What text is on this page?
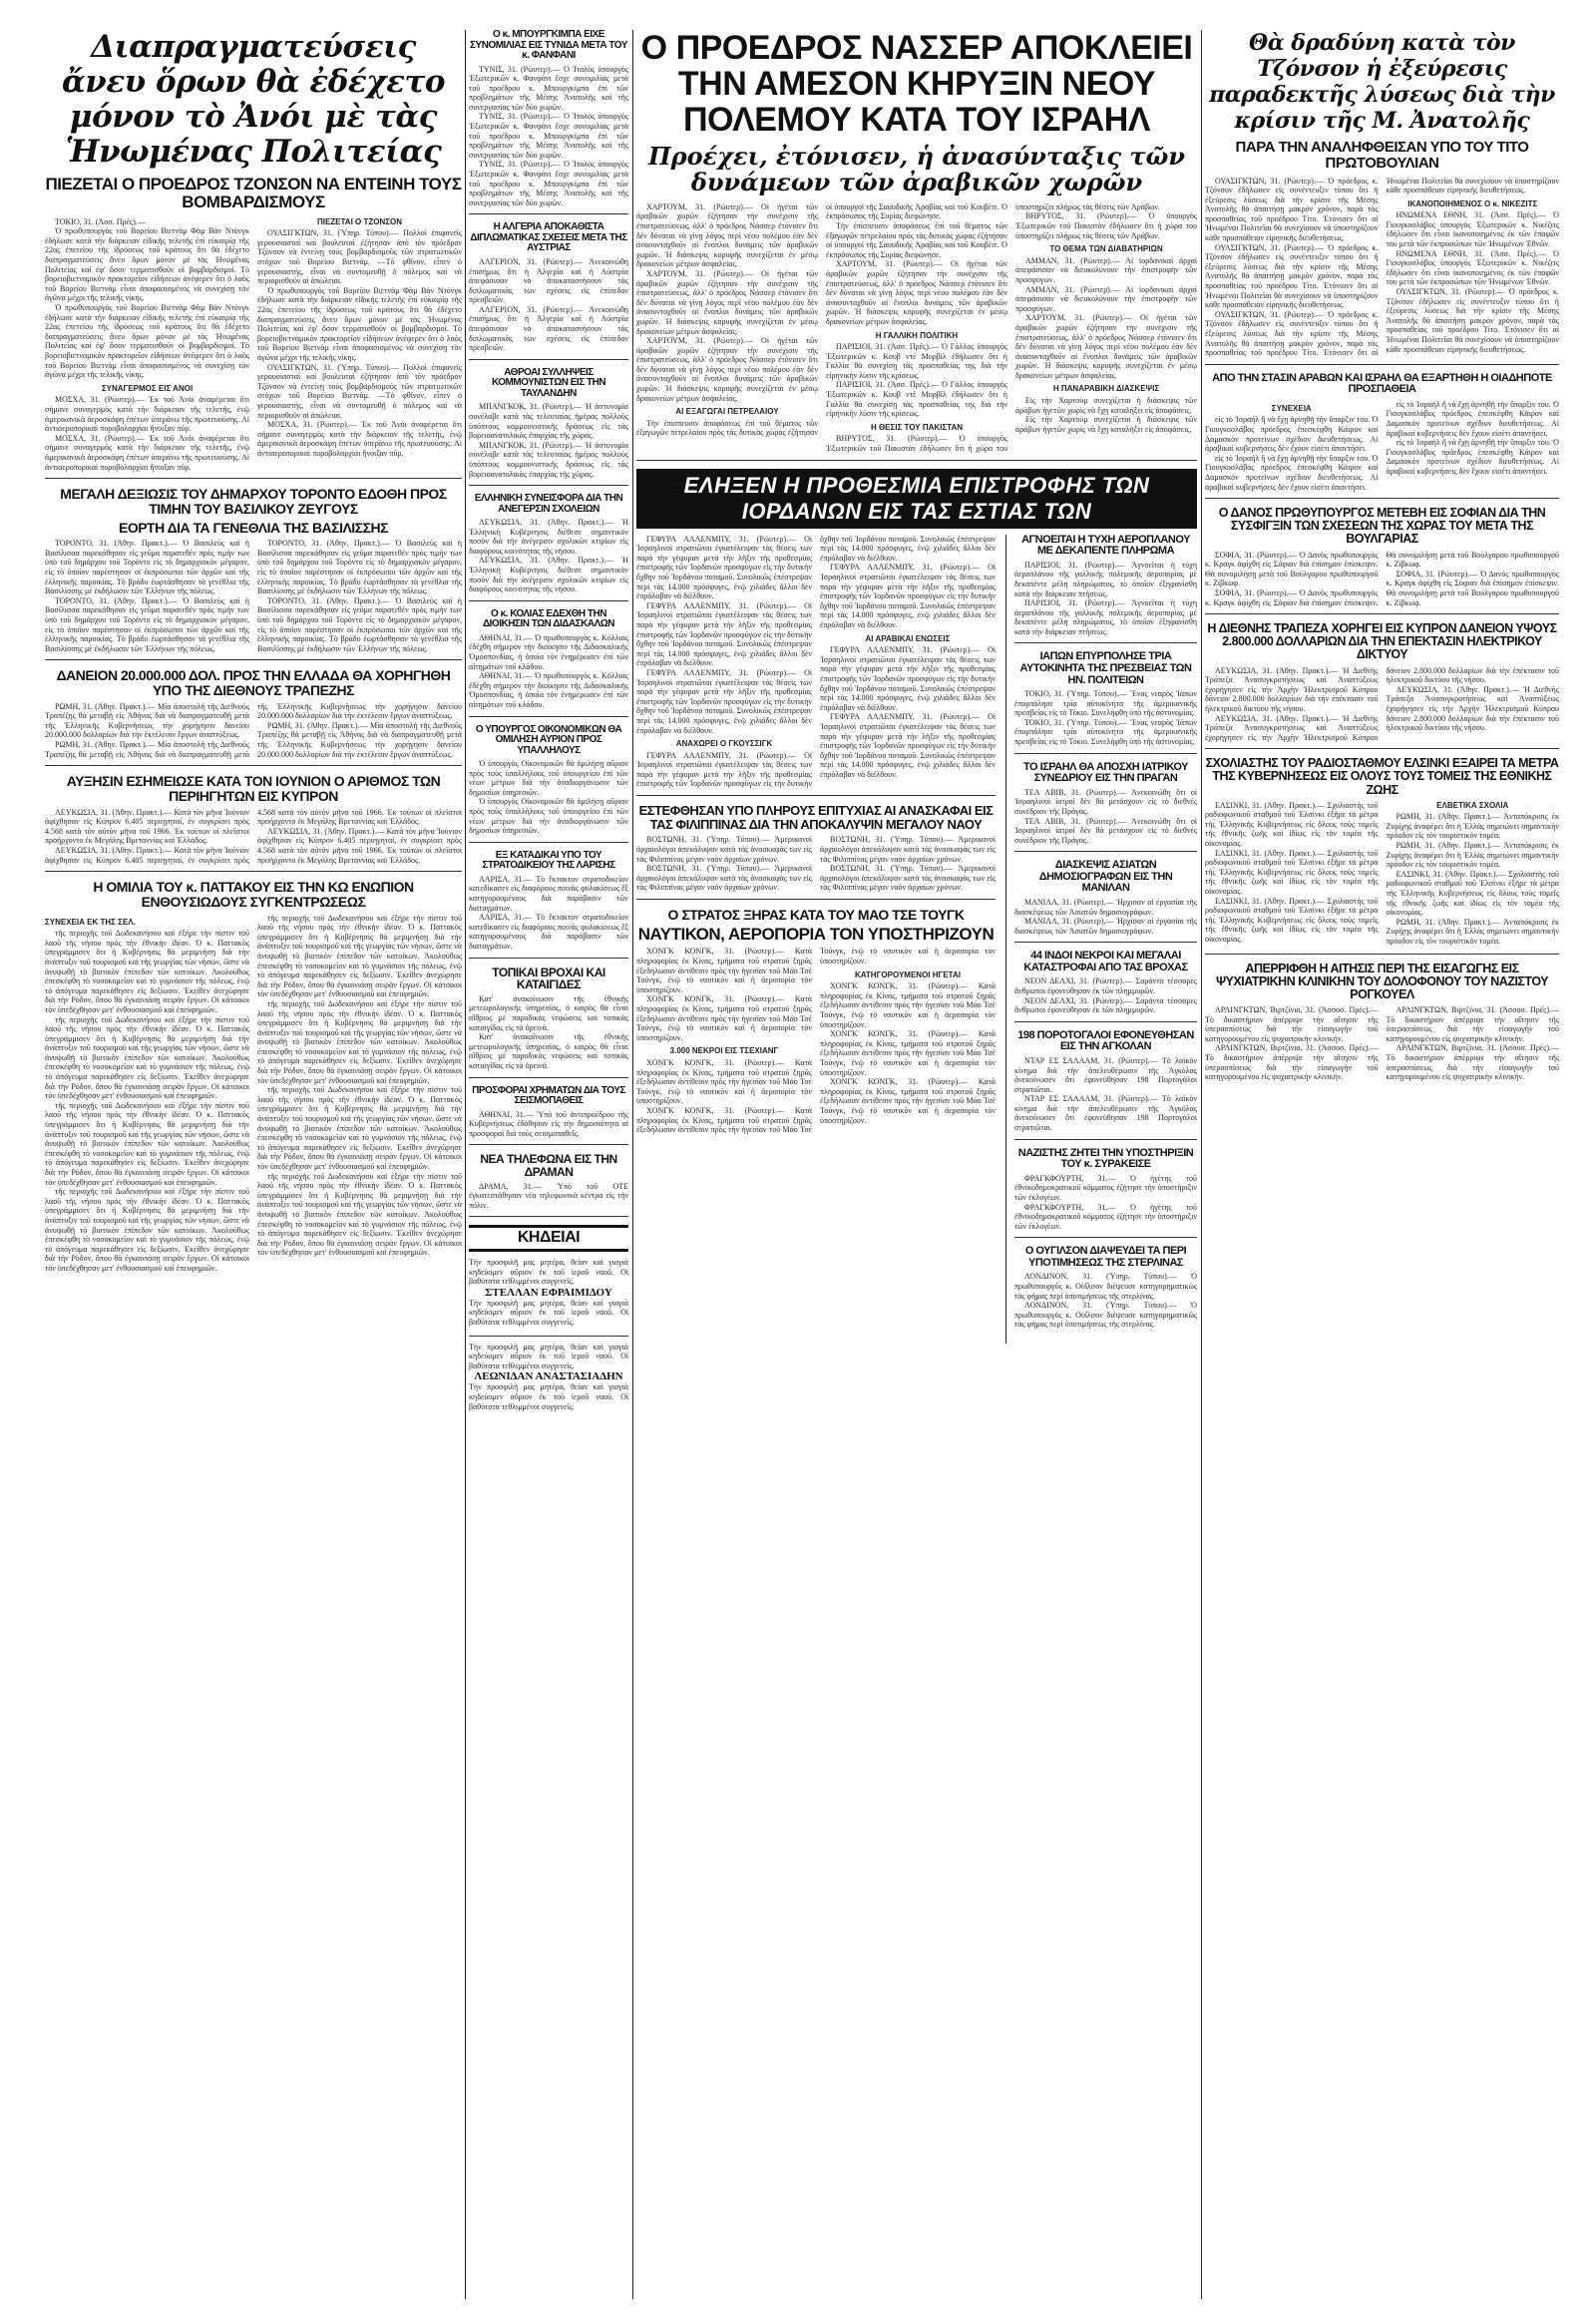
Διαπραγματεύσεις ἄνευ ὅρων θὰ ἐδέχετο μόνον τὸ Ἀνόι μὲ τὰς Ἡνωμένας Πολιτείας
ΠΙΕΖΕΤΑΙ Ο ΠΡΟΕΔΡΟΣ ΤΖΟΝΣΟΝ ΝΑ ΕΝΤΕΙΝΗ ΤΟΥΣ ΒΟΜΒΑΡΔΙΣΜΟΥΣ

ΤΟΚΙΟ, 31. (Ἀσσ. Πρές).—

Ὁ πρωθυπουργὸς τοῦ Βορείου Βιετνὰμ Φὰμ Βὰν Ντόνγκ ἐδήλωσε κατὰ τὴν διάρκειαν εἰδικῆς τελετῆς ἐπὶ εὐκαιρίᾳ τῆς 22ας ἐπετείου τῆς ἱδρύσεως τοῦ κράτους ὅτι θὰ ἐδέχετο διαπραγματεύσεις ἄνευ ὅρων μόνον μὲ τὰς Ἡνωμένας Πολιτείας καὶ ἐφ' ὅσον τερματισθοῦν οἱ βομβαρδισμοί. Τὸ βορειοβιετναμικὸν πρακτορεῖον εἰδήσεων ἀνέφερεν ὅτι ὁ λαὸς τοῦ Βορείου Βιετνὰμ εἶναι ἀποφασισμένος νὰ συνεχίσῃ τὸν ἀγῶνα μέχρι τῆς τελικῆς νίκης.

Ὁ πρωθυπουργὸς τοῦ Βορείου Βιετνὰμ Φὰμ Βὰν Ντόνγκ ἐδήλωσε κατὰ τὴν διάρκειαν εἰδικῆς τελετῆς ἐπὶ εὐκαιρίᾳ τῆς 22ας ἐπετείου τῆς ἱδρύσεως τοῦ κράτους ὅτι θὰ ἐδέχετο διαπραγματεύσεις ἄνευ ὅρων μόνον μὲ τὰς Ἡνωμένας Πολιτείας καὶ ἐφ' ὅσον τερματισθοῦν οἱ βομβαρδισμοί. Τὸ βορειοβιετναμικὸν πρακτορεῖον εἰδήσεων ἀνέφερεν ὅτι ὁ λαὸς τοῦ Βορείου Βιετνὰμ εἶναι ἀποφασισμένος νὰ συνεχίσῃ τὸν ἀγῶνα μέχρι τῆς τελικῆς νίκης.

ΣΥΝΑΓΕΡΜΟΣ ΕΙΣ ΑΝΟΙ

ΜΟΣΧΑ, 31. (Ρώυτερ).— Ἐκ τοῦ Ἀνόι ἀναφέρεται ὅτι σήμανε συναγερμὸς κατὰ τὴν διάρκειαν τῆς τελετῆς, ἐνῷ ἀμερικανικὰ ἀεροσκάφη ἐπέτων ὑπεράνω τῆς πρωτευούσης. Αἱ ἀντιαεροπορικαὶ πυροβολαρχίαι ἤνοιξαν πῦρ.

ΜΟΣΧΑ, 31. (Ρώυτερ).— Ἐκ τοῦ Ἀνόι ἀναφέρεται ὅτι σήμανε συναγερμὸς κατὰ τὴν διάρκειαν τῆς τελετῆς, ἐνῷ ἀμερικανικὰ ἀεροσκάφη ἐπέτων ὑπεράνω τῆς πρωτευούσης. Αἱ ἀντιαεροπορικαὶ πυροβολαρχίαι ἤνοιξαν πῦρ.

ΠΙΕΖΕΤΑΙ Ο ΤΖΟΝΣΟΝ

ΟΥΑΣΙΓΚΤΩΝ, 31. (Ὑπηρ. Τύπου).— Πολλοὶ ἐπιφανεῖς γερουσιασταὶ καὶ βουλευταὶ ἐζήτησαν ἀπὸ τὸν πρόεδρον Τζόνσον νὰ ἐντείνῃ τοὺς βομβαρδισμοὺς τῶν στρατιωτικῶν στόχων τοῦ Βορείου Βιετνάμ. —Τὸ φθῖνον, εἶπεν ὁ γερουσιαστής, εἶναι νὰ συντομευθῇ ὁ πόλεμος καὶ νὰ περιορισθοῦν αἱ ἀπώλειαι.

Ὁ πρωθυπουργὸς τοῦ Βορείου Βιετνὰμ Φὰμ Βὰν Ντόνγκ ἐδήλωσε κατὰ τὴν διάρκειαν εἰδικῆς τελετῆς ἐπὶ εὐκαιρίᾳ τῆς 22ας ἐπετείου τῆς ἱδρύσεως τοῦ κράτους ὅτι θὰ ἐδέχετο διαπραγματεύσεις ἄνευ ὅρων μόνον μὲ τὰς Ἡνωμένας Πολιτείας καὶ ἐφ' ὅσον τερματισθοῦν οἱ βομβαρδισμοί. Τὸ βορειοβιετναμικὸν πρακτορεῖον εἰδήσεων ἀνέφερεν ὅτι ὁ λαὸς τοῦ Βορείου Βιετνὰμ εἶναι ἀποφασισμένος νὰ συνεχίσῃ τὸν ἀγῶνα μέχρι τῆς τελικῆς νίκης.

ΟΥΑΣΙΓΚΤΩΝ, 31. (Ὑπηρ. Τύπου).— Πολλοὶ ἐπιφανεῖς γερουσιασταὶ καὶ βουλευταὶ ἐζήτησαν ἀπὸ τὸν πρόεδρον Τζόνσον νὰ ἐντείνῃ τοὺς βομβαρδισμοὺς τῶν στρατιωτικῶν στόχων τοῦ Βορείου Βιετνάμ. —Τὸ φθῖνον, εἶπεν ὁ γερουσιαστής, εἶναι νὰ συντομευθῇ ὁ πόλεμος καὶ νὰ περιορισθοῦν αἱ ἀπώλειαι.

ΜΟΣΧΑ, 31. (Ρώυτερ).— Ἐκ τοῦ Ἀνόι ἀναφέρεται ὅτι σήμανε συναγερμὸς κατὰ τὴν διάρκειαν τῆς τελετῆς, ἐνῷ ἀμερικανικὰ ἀεροσκάφη ἐπέτων ὑπεράνω τῆς πρωτευούσης. Αἱ ἀντιαεροπορικαὶ πυροβολαρχίαι ἤνοιξαν πῦρ.

ΜΕΓΑΛΗ ΔΕΞΙΩΣΙΣ ΤΟΥ ΔΗΜΑΡΧΟΥ ΤΟΡΟΝΤΟ ΕΔΟΘΗ ΠΡΟΣ ΤΙΜΗΝ ΤΟΥ ΒΑΣΙΛΙΚΟΥ ΖΕΥΓΟΥΣ
ΕΟΡΤΗ ΔΙΑ ΤΑ ΓΕΝΕΘΛΙΑ ΤΗΣ ΒΑΣΙΛΙΣΣΗΣ

ΤΟΡΟΝΤΟ, 31. (Ἀθην. Πρακτ.).— Ὁ Βασιλεὺς καὶ ἡ Βασίλισσα παρεκάθησαν εἰς γεῦμα παρατεθὲν πρὸς τιμήν των ὑπὸ τοῦ δημάρχου τοῦ Τορόντο εἰς τὸ δημαρχιακὸν μέγαρον, εἰς τὸ ὁποῖον παρέστησαν οἱ ἐκπρόσωποι τῶν ἀρχῶν καὶ τῆς ἑλληνικῆς παροικίας. Τὸ βράδυ ἐωρτάσθησαν τὰ γενέθλια τῆς Βασιλίσσης μὲ ἐκδήλωσιν τῶν Ἑλλήνων τῆς πόλεως.

ΤΟΡΟΝΤΟ, 31. (Ἀθην. Πρακτ.).— Ὁ Βασιλεὺς καὶ ἡ Βασίλισσα παρεκάθησαν εἰς γεῦμα παρατεθὲν πρὸς τιμήν των ὑπὸ τοῦ δημάρχου τοῦ Τορόντο εἰς τὸ δημαρχιακὸν μέγαρον, εἰς τὸ ὁποῖον παρέστησαν οἱ ἐκπρόσωποι τῶν ἀρχῶν καὶ τῆς ἑλληνικῆς παροικίας. Τὸ βράδυ ἐωρτάσθησαν τὰ γενέθλια τῆς Βασιλίσσης μὲ ἐκδήλωσιν τῶν Ἑλλήνων τῆς πόλεως.

ΤΟΡΟΝΤΟ, 31. (Ἀθην. Πρακτ.).— Ὁ Βασιλεὺς καὶ ἡ Βασίλισσα παρεκάθησαν εἰς γεῦμα παρατεθὲν πρὸς τιμήν των ὑπὸ τοῦ δημάρχου τοῦ Τορόντο εἰς τὸ δημαρχιακὸν μέγαρον, εἰς τὸ ὁποῖον παρέστησαν οἱ ἐκπρόσωποι τῶν ἀρχῶν καὶ τῆς ἑλληνικῆς παροικίας. Τὸ βράδυ ἐωρτάσθησαν τὰ γενέθλια τῆς Βασιλίσσης μὲ ἐκδήλωσιν τῶν Ἑλλήνων τῆς πόλεως.

ΤΟΡΟΝΤΟ, 31. (Ἀθην. Πρακτ.).— Ὁ Βασιλεὺς καὶ ἡ Βασίλισσα παρεκάθησαν εἰς γεῦμα παρατεθὲν πρὸς τιμήν των ὑπὸ τοῦ δημάρχου τοῦ Τορόντο εἰς τὸ δημαρχιακὸν μέγαρον, εἰς τὸ ὁποῖον παρέστησαν οἱ ἐκπρόσωποι τῶν ἀρχῶν καὶ τῆς ἑλληνικῆς παροικίας. Τὸ βράδυ ἐωρτάσθησαν τὰ γενέθλια τῆς Βασιλίσσης μὲ ἐκδήλωσιν τῶν Ἑλλήνων τῆς πόλεως.

ΔΑΝΕΙΟΝ 20.000.000 ΔΟΛ. ΠΡΟΣ ΤΗΝ ΕΛΛΑΔΑ ΘΑ ΧΟΡΗΓΗΘΗ ΥΠΟ ΤΗΣ ΔΙΕΘΝΟΥΣ ΤΡΑΠΕΖΗΣ

ΡΩΜΗ, 31. (Ἀθην. Πρακτ.).— Μία ἀποστολὴ τῆς Διεθνοῦς Τραπέζης θὰ μεταβῇ εἰς Ἀθήνας διὰ νὰ διαπραγματευθῇ μετὰ τῆς Ἑλληνικῆς Κυβερνήσεως τὴν χορήγησιν δανείου 20.000.000 δολλαρίων διὰ τὴν ἐκτέλεσιν ἔργων ἀναπτύξεως.

ΡΩΜΗ, 31. (Ἀθην. Πρακτ.).— Μία ἀποστολὴ τῆς Διεθνοῦς Τραπέζης θὰ μεταβῇ εἰς Ἀθήνας διὰ νὰ διαπραγματευθῇ μετὰ τῆς Ἑλληνικῆς Κυβερνήσεως τὴν χορήγησιν δανείου 20.000.000 δολλαρίων διὰ τὴν ἐκτέλεσιν ἔργων ἀναπτύξεως.

ΡΩΜΗ, 31. (Ἀθην. Πρακτ.).— Μία ἀποστολὴ τῆς Διεθνοῦς Τραπέζης θὰ μεταβῇ εἰς Ἀθήνας διὰ νὰ διαπραγματευθῇ μετὰ τῆς Ἑλληνικῆς Κυβερνήσεως τὴν χορήγησιν δανείου 20.000.000 δολλαρίων διὰ τὴν ἐκτέλεσιν ἔργων ἀναπτύξεως.

ΑΥΞΗΣΙΝ ΕΣΗΜΕΙΩΣΕ ΚΑΤΑ ΤΟΝ ΙΟΥΝΙΟΝ Ο ΑΡΙΘΜΟΣ ΤΩΝ ΠΕΡΙΗΓΗΤΩΝ ΕΙΣ ΚΥΠΡΟΝ

ΛΕΥΚΩΣΙΑ, 31. (Ἀθην. Πρακτ.).— Κατὰ τὸν μῆνα Ἰούνιον ἀφίχθησαν εἰς Κύπρον 6.405 περιηγηταί, ἐν συγκρίσει πρὸς 4.568 κατὰ τὸν αὐτὸν μῆνα τοῦ 1966. Ἐκ τούτων οἱ πλεῖστοι προήρχοντο ἐκ Μεγάλης Βρεταννίας καὶ Ἑλλάδος.

ΛΕΥΚΩΣΙΑ, 31. (Ἀθην. Πρακτ.).— Κατὰ τὸν μῆνα Ἰούνιον ἀφίχθησαν εἰς Κύπρον 6.405 περιηγηταί, ἐν συγκρίσει πρὸς 4.568 κατὰ τὸν αὐτὸν μῆνα τοῦ 1966. Ἐκ τούτων οἱ πλεῖστοι προήρχοντο ἐκ Μεγάλης Βρεταννίας καὶ Ἑλλάδος.

ΛΕΥΚΩΣΙΑ, 31. (Ἀθην. Πρακτ.).— Κατὰ τὸν μῆνα Ἰούνιον ἀφίχθησαν εἰς Κύπρον 6.405 περιηγηταί, ἐν συγκρίσει πρὸς 4.568 κατὰ τὸν αὐτὸν μῆνα τοῦ 1966. Ἐκ τούτων οἱ πλεῖστοι προήρχοντο ἐκ Μεγάλης Βρεταννίας καὶ Ἑλλάδος.

Η ΟΜΙΛΙΑ ΤΟΥ κ. ΠΑΤΤΑΚΟΥ ΕΙΣ ΤΗΝ ΚΩ ΕΝΩΠΙΟΝ ΕΝΘΟΥΣΙΩΔΟΥΣ ΣΥΓΚΕΝΤΡΩΣΕΩΣ
ΣΥΝΕΧΕΙΑ ΕΚ ΤΗΣ ΣΕΛ.

τῆς περιοχῆς τοῦ Δωδεκανήσου καὶ ἐξήρε τὴν πίστιν τοῦ λαοῦ τῆς νήσου πρὸς τὴν ἐθνικὴν ἰδέαν. Ὁ κ. Παττακὸς ὑπεγράμμισεν ὅτι ἡ Κυβέρνησις θὰ μεριμνήσῃ διὰ τὴν ἀνάπτυξιν τοῦ τουρισμοῦ καὶ τῆς γεωργίας τῶν νήσων, ὥστε νὰ ἀνυψωθῇ τὸ βιοτικὸν ἐπίπεδον τῶν κατοίκων. Ἀκολούθως ἐπεσκέφθη τὸ νοσοκομεῖον καὶ τὸ γυμνάσιον τῆς πόλεως, ἐνῷ τὸ ἀπόγευμα παρεκάθησεν εἰς δεξίωσιν. Ἐκεῖθεν ἀνεχώρησε διὰ τὴν Ρόδον, ὅπου θὰ ἐγκαινιάσῃ σειρὰν ἔργων. Οἱ κάτοικοι τὸν ὑπεδέχθησαν μετ' ἐνθουσιασμοῦ καὶ ἐπευφημιῶν.

τῆς περιοχῆς τοῦ Δωδεκανήσου καὶ ἐξήρε τὴν πίστιν τοῦ λαοῦ τῆς νήσου πρὸς τὴν ἐθνικὴν ἰδέαν. Ὁ κ. Παττακὸς ὑπεγράμμισεν ὅτι ἡ Κυβέρνησις θὰ μεριμνήσῃ διὰ τὴν ἀνάπτυξιν τοῦ τουρισμοῦ καὶ τῆς γεωργίας τῶν νήσων, ὥστε νὰ ἀνυψωθῇ τὸ βιοτικὸν ἐπίπεδον τῶν κατοίκων. Ἀκολούθως ἐπεσκέφθη τὸ νοσοκομεῖον καὶ τὸ γυμνάσιον τῆς πόλεως, ἐνῷ τὸ ἀπόγευμα παρεκάθησεν εἰς δεξίωσιν. Ἐκεῖθεν ἀνεχώρησε διὰ τὴν Ρόδον, ὅπου θὰ ἐγκαινιάσῃ σειρὰν ἔργων. Οἱ κάτοικοι τὸν ὑπεδέχθησαν μετ' ἐνθουσιασμοῦ καὶ ἐπευφημιῶν.

τῆς περιοχῆς τοῦ Δωδεκανήσου καὶ ἐξήρε τὴν πίστιν τοῦ λαοῦ τῆς νήσου πρὸς τὴν ἐθνικὴν ἰδέαν. Ὁ κ. Παττακὸς ὑπεγράμμισεν ὅτι ἡ Κυβέρνησις θὰ μεριμνήσῃ διὰ τὴν ἀνάπτυξιν τοῦ τουρισμοῦ καὶ τῆς γεωργίας τῶν νήσων, ὥστε νὰ ἀνυψωθῇ τὸ βιοτικὸν ἐπίπεδον τῶν κατοίκων. Ἀκολούθως ἐπεσκέφθη τὸ νοσοκομεῖον καὶ τὸ γυμνάσιον τῆς πόλεως, ἐνῷ τὸ ἀπόγευμα παρεκάθησεν εἰς δεξίωσιν. Ἐκεῖθεν ἀνεχώρησε διὰ τὴν Ρόδον, ὅπου θὰ ἐγκαινιάσῃ σειρὰν ἔργων. Οἱ κάτοικοι τὸν ὑπεδέχθησαν μετ' ἐνθουσιασμοῦ καὶ ἐπευφημιῶν.

τῆς περιοχῆς τοῦ Δωδεκανήσου καὶ ἐξήρε τὴν πίστιν τοῦ λαοῦ τῆς νήσου πρὸς τὴν ἐθνικὴν ἰδέαν. Ὁ κ. Παττακὸς ὑπεγράμμισεν ὅτι ἡ Κυβέρνησις θὰ μεριμνήσῃ διὰ τὴν ἀνάπτυξιν τοῦ τουρισμοῦ καὶ τῆς γεωργίας τῶν νήσων, ὥστε νὰ ἀνυψωθῇ τὸ βιοτικὸν ἐπίπεδον τῶν κατοίκων. Ἀκολούθως ἐπεσκέφθη τὸ νοσοκομεῖον καὶ τὸ γυμνάσιον τῆς πόλεως, ἐνῷ τὸ ἀπόγευμα παρεκάθησεν εἰς δεξίωσιν. Ἐκεῖθεν ἀνεχώρησε διὰ τὴν Ρόδον, ὅπου θὰ ἐγκαινιάσῃ σειρὰν ἔργων. Οἱ κάτοικοι τὸν ὑπεδέχθησαν μετ' ἐνθουσιασμοῦ καὶ ἐπευφημιῶν.

τῆς περιοχῆς τοῦ Δωδεκανήσου καὶ ἐξήρε τὴν πίστιν τοῦ λαοῦ τῆς νήσου πρὸς τὴν ἐθνικὴν ἰδέαν. Ὁ κ. Παττακὸς ὑπεγράμμισεν ὅτι ἡ Κυβέρνησις θὰ μεριμνήσῃ διὰ τὴν ἀνάπτυξιν τοῦ τουρισμοῦ καὶ τῆς γεωργίας τῶν νήσων, ὥστε νὰ ἀνυψωθῇ τὸ βιοτικὸν ἐπίπεδον τῶν κατοίκων. Ἀκολούθως ἐπεσκέφθη τὸ νοσοκομεῖον καὶ τὸ γυμνάσιον τῆς πόλεως, ἐνῷ τὸ ἀπόγευμα παρεκάθησεν εἰς δεξίωσιν. Ἐκεῖθεν ἀνεχώρησε διὰ τὴν Ρόδον, ὅπου θὰ ἐγκαινιάσῃ σειρὰν ἔργων. Οἱ κάτοικοι τὸν ὑπεδέχθησαν μετ' ἐνθουσιασμοῦ καὶ ἐπευφημιῶν.

τῆς περιοχῆς τοῦ Δωδεκανήσου καὶ ἐξήρε τὴν πίστιν τοῦ λαοῦ τῆς νήσου πρὸς τὴν ἐθνικὴν ἰδέαν. Ὁ κ. Παττακὸς ὑπεγράμμισεν ὅτι ἡ Κυβέρνησις θὰ μεριμνήσῃ διὰ τὴν ἀνάπτυξιν τοῦ τουρισμοῦ καὶ τῆς γεωργίας τῶν νήσων, ὥστε νὰ ἀνυψωθῇ τὸ βιοτικὸν ἐπίπεδον τῶν κατοίκων. Ἀκολούθως ἐπεσκέφθη τὸ νοσοκομεῖον καὶ τὸ γυμνάσιον τῆς πόλεως, ἐνῷ τὸ ἀπόγευμα παρεκάθησεν εἰς δεξίωσιν. Ἐκεῖθεν ἀνεχώρησε διὰ τὴν Ρόδον, ὅπου θὰ ἐγκαινιάσῃ σειρὰν ἔργων. Οἱ κάτοικοι τὸν ὑπεδέχθησαν μετ' ἐνθουσιασμοῦ καὶ ἐπευφημιῶν.

τῆς περιοχῆς τοῦ Δωδεκανήσου καὶ ἐξήρε τὴν πίστιν τοῦ λαοῦ τῆς νήσου πρὸς τὴν ἐθνικὴν ἰδέαν. Ὁ κ. Παττακὸς ὑπεγράμμισεν ὅτι ἡ Κυβέρνησις θὰ μεριμνήσῃ διὰ τὴν ἀνάπτυξιν τοῦ τουρισμοῦ καὶ τῆς γεωργίας τῶν νήσων, ὥστε νὰ ἀνυψωθῇ τὸ βιοτικὸν ἐπίπεδον τῶν κατοίκων. Ἀκολούθως ἐπεσκέφθη τὸ νοσοκομεῖον καὶ τὸ γυμνάσιον τῆς πόλεως, ἐνῷ τὸ ἀπόγευμα παρεκάθησεν εἰς δεξίωσιν. Ἐκεῖθεν ἀνεχώρησε διὰ τὴν Ρόδον, ὅπου θὰ ἐγκαινιάσῃ σειρὰν ἔργων. Οἱ κάτοικοι τὸν ὑπεδέχθησαν μετ' ἐνθουσιασμοῦ καὶ ἐπευφημιῶν.

τῆς περιοχῆς τοῦ Δωδεκανήσου καὶ ἐξήρε τὴν πίστιν τοῦ λαοῦ τῆς νήσου πρὸς τὴν ἐθνικὴν ἰδέαν. Ὁ κ. Παττακὸς ὑπεγράμμισεν ὅτι ἡ Κυβέρνησις θὰ μεριμνήσῃ διὰ τὴν ἀνάπτυξιν τοῦ τουρισμοῦ καὶ τῆς γεωργίας τῶν νήσων, ὥστε νὰ ἀνυψωθῇ τὸ βιοτικὸν ἐπίπεδον τῶν κατοίκων. Ἀκολούθως ἐπεσκέφθη τὸ νοσοκομεῖον καὶ τὸ γυμνάσιον τῆς πόλεως, ἐνῷ τὸ ἀπόγευμα παρεκάθησεν εἰς δεξίωσιν. Ἐκεῖθεν ἀνεχώρησε διὰ τὴν Ρόδον, ὅπου θὰ ἐγκαινιάσῃ σειρὰν ἔργων. Οἱ κάτοικοι τὸν ὑπεδέχθησαν μετ' ἐνθουσιασμοῦ καὶ ἐπευφημιῶν.

Ο κ. ΜΠΟΥΡΓΚΙΜΠΑ ΕΙΧΕ ΣΥΝΟΜΙΛΙΑΣ ΕΙΣ ΤΥΝΙΔΑ ΜΕΤΑ ΤΟΥ κ. ΦΑΝΦΑΝΙ

ΤΥΝΙΣ, 31. (Ρώυτερ).— Ὁ Ἰταλὸς ὑπουργὸς Ἐξωτερικῶν κ. Φανφάνι ἔσχε συνομιλίας μετὰ τοῦ προέδρου κ. Μπουργκίμπα ἐπὶ τῶν προβλημάτων τῆς Μέσης Ἀνατολῆς καὶ τῆς συνεργασίας τῶν δύο χωρῶν.

ΤΥΝΙΣ, 31. (Ρώυτερ).— Ὁ Ἰταλὸς ὑπουργὸς Ἐξωτερικῶν κ. Φανφάνι ἔσχε συνομιλίας μετὰ τοῦ προέδρου κ. Μπουργκίμπα ἐπὶ τῶν προβλημάτων τῆς Μέσης Ἀνατολῆς καὶ τῆς συνεργασίας τῶν δύο χωρῶν.

ΤΥΝΙΣ, 31. (Ρώυτερ).— Ὁ Ἰταλὸς ὑπουργὸς Ἐξωτερικῶν κ. Φανφάνι ἔσχε συνομιλίας μετὰ τοῦ προέδρου κ. Μπουργκίμπα ἐπὶ τῶν προβλημάτων τῆς Μέσης Ἀνατολῆς καὶ τῆς συνεργασίας τῶν δύο χωρῶν.

Η ΑΛΓΕΡΙΑ ΑΠΟΚΑΘΙΣΤΑ ΔΙΠΛΩΜΑΤΙΚΑΣ ΣΧΕΣΕΙΣ ΜΕΤΑ ΤΗΣ ΑΥΣΤΡΙΑΣ

ΑΛΓΕΡΙΟΝ, 31. (Ρώυτερ).— Ἀνεκοινώθη ἐπισήμως ὅτι ἡ Ἀλγερία καὶ ἡ Αὐστρία ἀπεφάσισαν νὰ ἀποκαταστήσουν τὰς διπλωματικὰς των σχέσεις εἰς ἐπίπεδον πρεσβειῶν.

ΑΛΓΕΡΙΟΝ, 31. (Ρώυτερ).— Ἀνεκοινώθη ἐπισήμως ὅτι ἡ Ἀλγερία καὶ ἡ Αὐστρία ἀπεφάσισαν νὰ ἀποκαταστήσουν τὰς διπλωματικὰς των σχέσεις εἰς ἐπίπεδον πρεσβειῶν.

ΑΘΡΟΑΙ ΣΥΛΛΗΨΕΙΣ ΚΟΜΜΟΥΝΙΣΤΩΝ ΕΙΣ ΤΗΝ ΤΑΥΛΑΝΔΗΝ

ΜΠΑΝΓΚΟΚ, 31. (Ρώυτερ).— Ἡ ἀστυνομία συνέλαβε κατὰ τὰς τελευταίας ἡμέρας πολλοὺς ὑπόπτους κομμουνιστικῆς δράσεως εἰς τὰς βορειοανατολικὰς ἐπαρχίας τῆς χώρας.

ΜΠΑΝΓΚΟΚ, 31. (Ρώυτερ).— Ἡ ἀστυνομία συνέλαβε κατὰ τὰς τελευταίας ἡμέρας πολλοὺς ὑπόπτους κομμουνιστικῆς δράσεως εἰς τὰς βορειοανατολικὰς ἐπαρχίας τῆς χώρας.

ΕΛΛΗΝΙΚΗ ΣΥΝΕΙΣΦΟΡΑ ΔΙΑ ΤΗΝ ΑΝΕΓΕΡΣΙΝ ΣΧΟΛΕΙΩΝ

ΛΕΥΚΩΣΙΑ, 31. (Ἀθην. Πρακτ.).— Ἡ Ἑλληνικὴ Κυβέρνησις διέθεσε σημαντικὸν ποσὸν διὰ τὴν ἀνέγερσιν σχολικῶν κτιρίων εἰς διαφόρους κοινότητας τῆς νήσου.

ΛΕΥΚΩΣΙΑ, 31. (Ἀθην. Πρακτ.).— Ἡ Ἑλληνικὴ Κυβέρνησις διέθεσε σημαντικὸν ποσὸν διὰ τὴν ἀνέγερσιν σχολικῶν κτιρίων εἰς διαφόρους κοινότητας τῆς νήσου.

Ο κ. ΚΟΛΙΑΣ ΕΔΕΧΘΗ ΤΗΝ ΔΙΟΙΚΗΣΙΝ ΤΩΝ ΔΙΔΑΣΚΑΛΩΝ

ΑΘΗΝΑΙ, 31.— Ὁ πρωθυπουργὸς κ. Κόλλιας ἐδέχθη σήμερον τὴν διοίκησιν τῆς Διδασκαλικῆς Ὁμοσπονδίας, ἡ ὁποία τὸν ἐνημέρωσεν ἐπὶ τῶν αἰτημάτων τοῦ κλάδου.

ΑΘΗΝΑΙ, 31.— Ὁ πρωθυπουργὸς κ. Κόλλιας ἐδέχθη σήμερον τὴν διοίκησιν τῆς Διδασκαλικῆς Ὁμοσπονδίας, ἡ ὁποία τὸν ἐνημέρωσεν ἐπὶ τῶν αἰτημάτων τοῦ κλάδου.

Ο ΥΠΟΥΡΓΟΣ ΟΙΚΟΝΟΜΙΚΩΝ ΘΑ ΟΜΙΛΗΣΗ ΑΥΡΙΟΝ ΠΡΟΣ ΥΠΑΛΛΗΛΟΥΣ

Ὁ ὑπουργὸς Οἰκονομικῶν θὰ ὁμιλήσῃ αὔριον πρὸς τοὺς ὑπαλλήλους τοῦ ὑπουργείου ἐπὶ τῶν νέων μέτρων διὰ τὴν ἀναδιοργάνωσιν τῶν δημοσίων ὑπηρεσιῶν.

Ὁ ὑπουργὸς Οἰκονομικῶν θὰ ὁμιλήσῃ αὔριον πρὸς τοὺς ὑπαλλήλους τοῦ ὑπουργείου ἐπὶ τῶν νέων μέτρων διὰ τὴν ἀναδιοργάνωσιν τῶν δημοσίων ὑπηρεσιῶν.

ΕΞ ΚΑΤΑΔΙΚΑΙ ΥΠΟ ΤΟΥ ΣΤΡΑΤΟΔΙΚΕΙΟΥ ΤΗΣ ΛΑΡΙΣΗΣ

ΛΑΡΙΣΑ, 31.— Τὸ ἔκτακτον στρατοδικεῖον κατεδίκασεν εἰς διαφόρους ποινὰς φυλακίσεως ἓξ κατηγορουμένους διὰ παράβασιν τῶν διαταγμάτων.

ΛΑΡΙΣΑ, 31.— Τὸ ἔκτακτον στρατοδικεῖον κατεδίκασεν εἰς διαφόρους ποινὰς φυλακίσεως ἓξ κατηγορουμένους διὰ παράβασιν τῶν διαταγμάτων.

ΤΟΠΙΚΑΙ ΒΡΟΧΑΙ ΚΑΙ ΚΑΤΑΙΓΙΔΕΣ

Κατ' ἀνακοίνωσιν τῆς ἐθνικῆς μετεωρολογικῆς ὑπηρεσίας, ὁ καιρὸς θὰ εἶναι αἴθριος μὲ παροδικὰς νεφώσεις καὶ τοπικὰς καταιγίδας εἰς τὰ ὀρεινά.

Κατ' ἀνακοίνωσιν τῆς ἐθνικῆς μετεωρολογικῆς ὑπηρεσίας, ὁ καιρὸς θὰ εἶναι αἴθριος μὲ παροδικὰς νεφώσεις καὶ τοπικὰς καταιγίδας εἰς τὰ ὀρεινά.

ΠΡΟΣΦΟΡΑΙ ΧΡΗΜΑΤΩΝ ΔΙΑ ΤΟΥΣ ΣΕΙΣΜΟΠΑΘΕΙΣ

ΑΘΗΝΑΙ, 31.— Ὑπὸ τοῦ ἀντιπροέδρου τῆς Κυβερνήσεως ἐδόθησαν εἰς τὴν δημοσιότητα αἱ προσφοραὶ διὰ τοὺς σεισμοπαθεῖς.

ΝΕΑ ΤΗΛΕΦΩΝΑ ΕΙΣ ΤΗΝ ΔΡΑΜΑΝ

ΔΡΑΜΑ, 31.— Ὑπὸ τοῦ ΟΤΕ ἐγκατεστάθησαν νέα τηλεφωνικὰ κέντρα εἰς τὴν πόλιν.

ΚΗΔΕΙΑΙ
Τὴν προσφιλῆ μας μητέρα, θείαν καὶ γιαγιὰ κηδεύομεν αὔριον ἐκ τοῦ ἱεροῦ ναοῦ. Οἱ βαθύτατα τεθλιμμένοι συγγενεῖς.
ΣΤΕΛΛΑΝ ΕΦΡΑΙΜΙΔΟΥ
Τὴν προσφιλῆ μας μητέρα, θείαν καὶ γιαγιὰ κηδεύομεν αὔριον ἐκ τοῦ ἱεροῦ ναοῦ. Οἱ βαθύτατα τεθλιμμένοι συγγενεῖς.
Τὴν προσφιλῆ μας μητέρα, θείαν καὶ γιαγιὰ κηδεύομεν αὔριον ἐκ τοῦ ἱεροῦ ναοῦ. Οἱ βαθύτατα τεθλιμμένοι συγγενεῖς.
ΛΕΩΝΙΔΑΝ ΑΝΑΣΤΑΣΙΑΔΗΝ
Τὴν προσφιλῆ μας μητέρα, θείαν καὶ γιαγιὰ κηδεύομεν αὔριον ἐκ τοῦ ἱεροῦ ναοῦ. Οἱ βαθύτατα τεθλιμμένοι συγγενεῖς.
Ο ΠΡΟΕΔΡΟΣ ΝΑΣΣΕΡ ΑΠΟΚΛΕΙΕΙ ΤΗΝ ΑΜΕΣΟΝ ΚΗΡΥΞΙΝ ΝΕΟΥ ΠΟΛΕΜΟΥ ΚΑΤΑ ΤΟΥ ΙΣΡΑΗΛ
Προέχει, ἐτόνισεν, ἡ ἀνασύνταξις τῶν δυνάμεων τῶν ἀραβικῶν χωρῶν

ΧΑΡΤΟΥΜ, 31. (Ρώυτερ).— Οἱ ἡγέται τῶν ἀραβικῶν χωρῶν ἐζήτησαν τὴν συνέχισιν τῆς ἐπιστρατεύσεως, ἀλλ' ὁ πρόεδρος Νάσσερ ἐτόνισεν ὅτι δὲν δύναται νὰ γίνῃ λόγος περὶ νέου πολέμου ἐὰν δὲν ἀνασυνταχθοῦν αἱ ἔνοπλοι δυνάμεις τῶν ἀραβικῶν χωρῶν. Ἡ διάσκεψις κορυφῆς συνεχίζεται ἐν μέσῳ δρακονείων μέτρων ἀσφαλείας.

ΧΑΡΤΟΥΜ, 31. (Ρώυτερ).— Οἱ ἡγέται τῶν ἀραβικῶν χωρῶν ἐζήτησαν τὴν συνέχισιν τῆς ἐπιστρατεύσεως, ἀλλ' ὁ πρόεδρος Νάσσερ ἐτόνισεν ὅτι δὲν δύναται νὰ γίνῃ λόγος περὶ νέου πολέμου ἐὰν δὲν ἀνασυνταχθοῦν αἱ ἔνοπλοι δυνάμεις τῶν ἀραβικῶν χωρῶν. Ἡ διάσκεψις κορυφῆς συνεχίζεται ἐν μέσῳ δρακονείων μέτρων ἀσφαλείας.

ΧΑΡΤΟΥΜ, 31. (Ρώυτερ).— Οἱ ἡγέται τῶν ἀραβικῶν χωρῶν ἐζήτησαν τὴν συνέχισιν τῆς ἐπιστρατεύσεως, ἀλλ' ὁ πρόεδρος Νάσσερ ἐτόνισεν ὅτι δὲν δύναται νὰ γίνῃ λόγος περὶ νέου πολέμου ἐὰν δὲν ἀνασυνταχθοῦν αἱ ἔνοπλοι δυνάμεις τῶν ἀραβικῶν χωρῶν. Ἡ διάσκεψις κορυφῆς συνεχίζεται ἐν μέσῳ δρακονείων μέτρων ἀσφαλείας.

ΑΙ ΕΞΑΓΩΓΑΙ ΠΕΤΡΕΛΑΙΟΥ

Τὴν ἐπίσπευσιν ἀποφάσεως ἐπὶ τοῦ θέματος τῶν ἐξαγωγῶν πετρελαίου πρὸς τὰς δυτικὰς χώρας ἐζήτησαν οἱ ὑπουργοὶ τῆς Σαουδικῆς Ἀραβίας καὶ τοῦ Κουβέιτ. Ὁ ἐκπρόσωπος τῆς Συρίας διεφώνησε.

Τὴν ἐπίσπευσιν ἀποφάσεως ἐπὶ τοῦ θέματος τῶν ἐξαγωγῶν πετρελαίου πρὸς τὰς δυτικὰς χώρας ἐζήτησαν οἱ ὑπουργοὶ τῆς Σαουδικῆς Ἀραβίας καὶ τοῦ Κουβέιτ. Ὁ ἐκπρόσωπος τῆς Συρίας διεφώνησε.

ΧΑΡΤΟΥΜ, 31. (Ρώυτερ).— Οἱ ἡγέται τῶν ἀραβικῶν χωρῶν ἐζήτησαν τὴν συνέχισιν τῆς ἐπιστρατεύσεως, ἀλλ' ὁ πρόεδρος Νάσσερ ἐτόνισεν ὅτι δὲν δύναται νὰ γίνῃ λόγος περὶ νέου πολέμου ἐὰν δὲν ἀνασυνταχθοῦν αἱ ἔνοπλοι δυνάμεις τῶν ἀραβικῶν χωρῶν. Ἡ διάσκεψις κορυφῆς συνεχίζεται ἐν μέσῳ δρακονείων μέτρων ἀσφαλείας.

Η ΓΑΛΛΙΚΗ ΠΟΛΙΤΙΚΗ

ΠΑΡΙΣΙΟΙ, 31. (Ἀσσ. Πρές).— Ὁ Γάλλος ὑπουργὸς Ἐξωτερικῶν κ. Κουβ ντὲ Μυρβίλ ἐδήλωσεν ὅτι ἡ Γαλλία θὰ συνεχίσῃ τὰς προσπαθείας της διὰ τὴν εἰρηνικὴν λύσιν τῆς κρίσεως.

ΠΑΡΙΣΙΟΙ, 31. (Ἀσσ. Πρές).— Ὁ Γάλλος ὑπουργὸς Ἐξωτερικῶν κ. Κουβ ντὲ Μυρβίλ ἐδήλωσεν ὅτι ἡ Γαλλία θὰ συνεχίσῃ τὰς προσπαθείας της διὰ τὴν εἰρηνικὴν λύσιν τῆς κρίσεως.

Η ΘΕΣΙΣ ΤΟΥ ΠΑΚΙΣΤΑΝ

ΒΗΡΥΤΟΣ, 31. (Ρώυτερ).— Ὁ ὑπουργὸς Ἐξωτερικῶν τοῦ Πακιστὰν ἐδήλωσεν ὅτι ἡ χώρα του ὑποστηρίζει πλήρως τὰς θέσεις τῶν Ἀράβων.

ΒΗΡΥΤΟΣ, 31. (Ρώυτερ).— Ὁ ὑπουργὸς Ἐξωτερικῶν τοῦ Πακιστὰν ἐδήλωσεν ὅτι ἡ χώρα του ὑποστηρίζει πλήρως τὰς θέσεις τῶν Ἀράβων.

ΤΟ ΘΕΜΑ ΤΩΝ ΔΙΑΒΑΤΗΡΙΩΝ

ΑΜΜΑΝ, 31. (Ρώυτερ).— Αἱ ἰορδανικαὶ ἀρχαὶ ἀπεφάσισαν νὰ διευκολύνουν τὴν ἐπιστροφὴν τῶν προσφύγων.

ΑΜΜΑΝ, 31. (Ρώυτερ).— Αἱ ἰορδανικαὶ ἀρχαὶ ἀπεφάσισαν νὰ διευκολύνουν τὴν ἐπιστροφὴν τῶν προσφύγων.

ΧΑΡΤΟΥΜ, 31. (Ρώυτερ).— Οἱ ἡγέται τῶν ἀραβικῶν χωρῶν ἐζήτησαν τὴν συνέχισιν τῆς ἐπιστρατεύσεως, ἀλλ' ὁ πρόεδρος Νάσσερ ἐτόνισεν ὅτι δὲν δύναται νὰ γίνῃ λόγος περὶ νέου πολέμου ἐὰν δὲν ἀνασυνταχθοῦν αἱ ἔνοπλοι δυνάμεις τῶν ἀραβικῶν χωρῶν. Ἡ διάσκεψις κορυφῆς συνεχίζεται ἐν μέσῳ δρακονείων μέτρων ἀσφαλείας.

Η ΠΑΝΑΡΑΒΙΚΗ ΔΙΑΣΚΕΨΙΣ

Εἰς τὴν Χαρτοὺμ συνεχίζεται ἡ διάσκεψις τῶν ἀράβων ἡγετῶν χωρὶς νὰ ἔχῃ καταλήξει εἰς ἀποφάσεις.

Εἰς τὴν Χαρτοὺμ συνεχίζεται ἡ διάσκεψις τῶν ἀράβων ἡγετῶν χωρὶς νὰ ἔχῃ καταλήξει εἰς ἀποφάσεις.

ΕΛΗΞΕΝ Η ΠΡΟΘΕΣΜΙΑ ΕΠΙΣΤΡΟΦΗΣ ΤΩΝ ΙΟΡΔΑΝΩΝ ΕΙΣ ΤΑΣ ΕΣΤΙΑΣ ΤΩΝ

ΓΕΦΥΡΑ ΑΛΛΕΝΜΠΥ, 31. (Ρώυτερ).— Οἱ Ἰσραηλινοὶ στρατιῶται ἐγκατέλειψαν τὰς θέσεις των παρὰ τὴν γέφυραν μετὰ τὴν λῆξιν τῆς προθεσμίας ἐπιστροφῆς τῶν Ἰορδανῶν προσφύγων εἰς τὴν δυτικὴν ὄχθην τοῦ Ἰορδάνου ποταμοῦ. Συνολικῶς ἐπέστρεψαν περὶ τὰς 14.000 πρόσφυγες, ἐνῷ χιλιάδες ἄλλοι δὲν ἐπρόλαβαν νὰ διέλθουν.

ΓΕΦΥΡΑ ΑΛΛΕΝΜΠΥ, 31. (Ρώυτερ).— Οἱ Ἰσραηλινοὶ στρατιῶται ἐγκατέλειψαν τὰς θέσεις των παρὰ τὴν γέφυραν μετὰ τὴν λῆξιν τῆς προθεσμίας ἐπιστροφῆς τῶν Ἰορδανῶν προσφύγων εἰς τὴν δυτικὴν ὄχθην τοῦ Ἰορδάνου ποταμοῦ. Συνολικῶς ἐπέστρεψαν περὶ τὰς 14.000 πρόσφυγες, ἐνῷ χιλιάδες ἄλλοι δὲν ἐπρόλαβαν νὰ διέλθουν.

ΓΕΦΥΡΑ ΑΛΛΕΝΜΠΥ, 31. (Ρώυτερ).— Οἱ Ἰσραηλινοὶ στρατιῶται ἐγκατέλειψαν τὰς θέσεις των παρὰ τὴν γέφυραν μετὰ τὴν λῆξιν τῆς προθεσμίας ἐπιστροφῆς τῶν Ἰορδανῶν προσφύγων εἰς τὴν δυτικὴν ὄχθην τοῦ Ἰορδάνου ποταμοῦ. Συνολικῶς ἐπέστρεψαν περὶ τὰς 14.000 πρόσφυγες, ἐνῷ χιλιάδες ἄλλοι δὲν ἐπρόλαβαν νὰ διέλθουν.

ΑΝΑΧΩΡΕΙ Ο ΓΚΟΥΣΣΙΓΚ

ΓΕΦΥΡΑ ΑΛΛΕΝΜΠΥ, 31. (Ρώυτερ).— Οἱ Ἰσραηλινοὶ στρατιῶται ἐγκατέλειψαν τὰς θέσεις των παρὰ τὴν γέφυραν μετὰ τὴν λῆξιν τῆς προθεσμίας ἐπιστροφῆς τῶν Ἰορδανῶν προσφύγων εἰς τὴν δυτικὴν ὄχθην τοῦ Ἰορδάνου ποταμοῦ. Συνολικῶς ἐπέστρεψαν περὶ τὰς 14.000 πρόσφυγες, ἐνῷ χιλιάδες ἄλλοι δὲν ἐπρόλαβαν νὰ διέλθουν.

ΓΕΦΥΡΑ ΑΛΛΕΝΜΠΥ, 31. (Ρώυτερ).— Οἱ Ἰσραηλινοὶ στρατιῶται ἐγκατέλειψαν τὰς θέσεις των παρὰ τὴν γέφυραν μετὰ τὴν λῆξιν τῆς προθεσμίας ἐπιστροφῆς τῶν Ἰορδανῶν προσφύγων εἰς τὴν δυτικὴν ὄχθην τοῦ Ἰορδάνου ποταμοῦ. Συνολικῶς ἐπέστρεψαν περὶ τὰς 14.000 πρόσφυγες, ἐνῷ χιλιάδες ἄλλοι δὲν ἐπρόλαβαν νὰ διέλθουν.

ΑΙ ΑΡΑΒΙΚΑΙ ΕΝΩΣΕΙΣ

ΓΕΦΥΡΑ ΑΛΛΕΝΜΠΥ, 31. (Ρώυτερ).— Οἱ Ἰσραηλινοὶ στρατιῶται ἐγκατέλειψαν τὰς θέσεις των παρὰ τὴν γέφυραν μετὰ τὴν λῆξιν τῆς προθεσμίας ἐπιστροφῆς τῶν Ἰορδανῶν προσφύγων εἰς τὴν δυτικὴν ὄχθην τοῦ Ἰορδάνου ποταμοῦ. Συνολικῶς ἐπέστρεψαν περὶ τὰς 14.000 πρόσφυγες, ἐνῷ χιλιάδες ἄλλοι δὲν ἐπρόλαβαν νὰ διέλθουν.

ΓΕΦΥΡΑ ΑΛΛΕΝΜΠΥ, 31. (Ρώυτερ).— Οἱ Ἰσραηλινοὶ στρατιῶται ἐγκατέλειψαν τὰς θέσεις των παρὰ τὴν γέφυραν μετὰ τὴν λῆξιν τῆς προθεσμίας ἐπιστροφῆς τῶν Ἰορδανῶν προσφύγων εἰς τὴν δυτικὴν ὄχθην τοῦ Ἰορδάνου ποταμοῦ. Συνολικῶς ἐπέστρεψαν περὶ τὰς 14.000 πρόσφυγες, ἐνῷ χιλιάδες ἄλλοι δὲν ἐπρόλαβαν νὰ διέλθουν.

ΕΣΤΕΦΘΗΣΑΝ ΥΠΟ ΠΛΗΡΟΥΣ ΕΠΙΤΥΧΙΑΣ ΑΙ ΑΝΑΣΚΑΦΑΙ ΕΙΣ ΤΑΣ ΦΙΛΙΠΠΙΝΑΣ ΔΙΑ ΤΗΝ ΑΠΟΚΑΛΥΨΙΝ ΜΕΓΑΛΟΥ ΝΑΟΥ

ΒΟΣΤΩΝΗ, 31. (Ὑπηρ. Τύπου).— Ἀμερικανοὶ ἀρχαιολόγοι ἀπεκάλυψαν κατὰ τὰς ἀνασκαφὰς των εἰς τὰς Φιλιππίνας μέγαν ναὸν ἀρχαίων χρόνων.

ΒΟΣΤΩΝΗ, 31. (Ὑπηρ. Τύπου).— Ἀμερικανοὶ ἀρχαιολόγοι ἀπεκάλυψαν κατὰ τὰς ἀνασκαφὰς των εἰς τὰς Φιλιππίνας μέγαν ναὸν ἀρχαίων χρόνων.

ΒΟΣΤΩΝΗ, 31. (Ὑπηρ. Τύπου).— Ἀμερικανοὶ ἀρχαιολόγοι ἀπεκάλυψαν κατὰ τὰς ἀνασκαφὰς των εἰς τὰς Φιλιππίνας μέγαν ναὸν ἀρχαίων χρόνων.

ΒΟΣΤΩΝΗ, 31. (Ὑπηρ. Τύπου).— Ἀμερικανοὶ ἀρχαιολόγοι ἀπεκάλυψαν κατὰ τὰς ἀνασκαφὰς των εἰς τὰς Φιλιππίνας μέγαν ναὸν ἀρχαίων χρόνων.

Ο ΣΤΡΑΤΟΣ ΞΗΡΑΣ ΚΑΤΑ ΤΟΥ ΜΑΟ ΤΣΕ ΤΟΥΓΚ
ΝΑΥΤΙΚΟΝ, ΑΕΡΟΠΟΡΙΑ ΤΟΝ ΥΠΟΣΤΗΡΙΖΟΥΝ

ΧΟΝΓΚ ΚΟΝΓΚ, 31. (Ρώυτερ).— Κατὰ πληροφορίας ἐκ Κίνας, τμήματα τοῦ στρατοῦ ξηρᾶς ἐξεδήλωσαν ἀντίθεσιν πρὸς τὴν ἡγεσίαν τοῦ Μάο Τσὲ Τούνγκ, ἐνῷ τὸ ναυτικὸν καὶ ἡ ἀεροπορία τὸν ὑποστηρίζουν.

ΧΟΝΓΚ ΚΟΝΓΚ, 31. (Ρώυτερ).— Κατὰ πληροφορίας ἐκ Κίνας, τμήματα τοῦ στρατοῦ ξηρᾶς ἐξεδήλωσαν ἀντίθεσιν πρὸς τὴν ἡγεσίαν τοῦ Μάο Τσὲ Τούνγκ, ἐνῷ τὸ ναυτικὸν καὶ ἡ ἀεροπορία τὸν ὑποστηρίζουν.

3.000 ΝΕΚΡΟΙ ΕΙΣ ΤΣΕΧΙΑΝΓ

ΧΟΝΓΚ ΚΟΝΓΚ, 31. (Ρώυτερ).— Κατὰ πληροφορίας ἐκ Κίνας, τμήματα τοῦ στρατοῦ ξηρᾶς ἐξεδήλωσαν ἀντίθεσιν πρὸς τὴν ἡγεσίαν τοῦ Μάο Τσὲ Τούνγκ, ἐνῷ τὸ ναυτικὸν καὶ ἡ ἀεροπορία τὸν ὑποστηρίζουν.

ΧΟΝΓΚ ΚΟΝΓΚ, 31. (Ρώυτερ).— Κατὰ πληροφορίας ἐκ Κίνας, τμήματα τοῦ στρατοῦ ξηρᾶς ἐξεδήλωσαν ἀντίθεσιν πρὸς τὴν ἡγεσίαν τοῦ Μάο Τσὲ Τούνγκ, ἐνῷ τὸ ναυτικὸν καὶ ἡ ἀεροπορία τὸν ὑποστηρίζουν.

ΚΑΤΗΓΟΡΟΥΜΕΝΟΙ ΗΓΕΤΑΙ

ΧΟΝΓΚ ΚΟΝΓΚ, 31. (Ρώυτερ).— Κατὰ πληροφορίας ἐκ Κίνας, τμήματα τοῦ στρατοῦ ξηρᾶς ἐξεδήλωσαν ἀντίθεσιν πρὸς τὴν ἡγεσίαν τοῦ Μάο Τσὲ Τούνγκ, ἐνῷ τὸ ναυτικὸν καὶ ἡ ἀεροπορία τὸν ὑποστηρίζουν.

ΧΟΝΓΚ ΚΟΝΓΚ, 31. (Ρώυτερ).— Κατὰ πληροφορίας ἐκ Κίνας, τμήματα τοῦ στρατοῦ ξηρᾶς ἐξεδήλωσαν ἀντίθεσιν πρὸς τὴν ἡγεσίαν τοῦ Μάο Τσὲ Τούνγκ, ἐνῷ τὸ ναυτικὸν καὶ ἡ ἀεροπορία τὸν ὑποστηρίζουν.

ΧΟΝΓΚ ΚΟΝΓΚ, 31. (Ρώυτερ).— Κατὰ πληροφορίας ἐκ Κίνας, τμήματα τοῦ στρατοῦ ξηρᾶς ἐξεδήλωσαν ἀντίθεσιν πρὸς τὴν ἡγεσίαν τοῦ Μάο Τσὲ Τούνγκ, ἐνῷ τὸ ναυτικὸν καὶ ἡ ἀεροπορία τὸν ὑποστηρίζουν.

ΑΓΝΟΕΙΤΑΙ Η ΤΥΧΗ ΑΕΡΟΠΛΑΝΟΥ ΜΕ ΔΕΚΑΠΕΝΤΕ ΠΛΗΡΩΜΑ

ΠΑΡΙΣΙΟΙ, 31. (Ρώυτερ).— Ἀγνοεῖται ἡ τύχη ἀεροπλάνου τῆς γαλλικῆς πολεμικῆς ἀεροπορίας μὲ δεκαπέντε μέλη πληρώματος, τὸ ὁποῖον ἐξηφανίσθη κατὰ τὴν διάρκειαν πτήσεως.

ΠΑΡΙΣΙΟΙ, 31. (Ρώυτερ).— Ἀγνοεῖται ἡ τύχη ἀεροπλάνου τῆς γαλλικῆς πολεμικῆς ἀεροπορίας μὲ δεκαπέντε μέλη πληρώματος, τὸ ὁποῖον ἐξηφανίσθη κατὰ τὴν διάρκειαν πτήσεως.

ΙΑΠΩΝ ΕΠΥΡΠΟΛΗΣΕ ΤΡΙΑ ΑΥΤΟΚΙΝΗΤΑ ΤΗΣ ΠΡΕΣΒΕΙΑΣ ΤΩΝ ΗΝ. ΠΟΛΙΤΕΙΩΝ

ΤΟΚΙΟ, 31. (Ὑπηρ. Τύπου).— Ἕνας νεαρὸς Ἰάπων ἐπυρπόλησε τρία αὐτοκίνητα τῆς ἀμερικανικῆς πρεσβείας εἰς τὸ Τόκιο. Συνελήφθη ὑπὸ τῆς ἀστυνομίας.

ΤΟΚΙΟ, 31. (Ὑπηρ. Τύπου).— Ἕνας νεαρὸς Ἰάπων ἐπυρπόλησε τρία αὐτοκίνητα τῆς ἀμερικανικῆς πρεσβείας εἰς τὸ Τόκιο. Συνελήφθη ὑπὸ τῆς ἀστυνομίας.

ΤΟ ΙΣΡΑΗΛ ΘΑ ΑΠΟΣΧΗ ΙΑΤΡΙΚΟΥ ΣΥΝΕΔΡΙΟΥ ΕΙΣ ΤΗΝ ΠΡΑΓΑΝ

ΤΕΛ ΑΒΙΒ, 31. (Ρώυτερ).— Ἀνεκοινώθη ὅτι οἱ Ἰσραηλινοὶ ἰατροὶ δὲν θὰ μετάσχουν εἰς τὸ διεθνὲς συνέδριον τῆς Πράγας.

ΤΕΛ ΑΒΙΒ, 31. (Ρώυτερ).— Ἀνεκοινώθη ὅτι οἱ Ἰσραηλινοὶ ἰατροὶ δὲν θὰ μετάσχουν εἰς τὸ διεθνὲς συνέδριον τῆς Πράγας.

ΔΙΑΣΚΕΨΙΣ ΑΣΙΑΤΩΝ ΔΗΜΟΣΙΟΓΡΑΦΩΝ ΕΙΣ ΤΗΝ ΜΑΝΙΛΑΝ

ΜΑΝΙΛΑ, 31. (Ρώυτερ).— Ἠρχισαν αἱ ἐργασίαι τῆς διασκέψεως τῶν Ἀσιατῶν δημοσιογράφων.

ΜΑΝΙΛΑ, 31. (Ρώυτερ).— Ἠρχισαν αἱ ἐργασίαι τῆς διασκέψεως τῶν Ἀσιατῶν δημοσιογράφων.

44 ΙΝΔΟΙ ΝΕΚΡΟΙ ΚΑΙ ΜΕΓΑΛΑΙ ΚΑΤΑΣΤΡΟΦΑΙ ΑΠΟ ΤΑΣ ΒΡΟΧΑΣ

ΝΕΟΝ ΔΕΛΧΙ, 31. (Ρώυτερ).— Σαράντα τέσσαρες ἄνθρωποι ἐφονεύθησαν ἐκ τῶν πλημμυρῶν.

ΝΕΟΝ ΔΕΛΧΙ, 31. (Ρώυτερ).— Σαράντα τέσσαρες ἄνθρωποι ἐφονεύθησαν ἐκ τῶν πλημμυρῶν.

198 ΠΟΡΟΤΟΓΑΛΟΙ ΕΦΟΝΕΥΘΗΣΑΝ ΕΙΣ ΤΗΝ ΑΓΚΟΛΑΝ

ΝΤΑΡ ΕΣ ΣΑΛΑΑΜ, 31. (Ρώυτερ).— Τὸ λαϊκὸν κίνημα διὰ τὴν ἀπελευθέρωσιν τῆς Ἀγκόλας ἀνεκοίνωσεν ὅτι ἐφονεύθησαν 198 Πορτογάλοι στρατιῶται.

ΝΤΑΡ ΕΣ ΣΑΛΑΑΜ, 31. (Ρώυτερ).— Τὸ λαϊκὸν κίνημα διὰ τὴν ἀπελευθέρωσιν τῆς Ἀγκόλας ἀνεκοίνωσεν ὅτι ἐφονεύθησαν 198 Πορτογάλοι στρατιῶται.

ΝΑΖΙΣΤΗΣ ΖΗΤΕΙ ΤΗΝ ΥΠΟΣΤΗΡΙΞΙΝ ΤΟΥ κ. ΣΥΡΑΚΕΙΣΕ

ΦΡΑΓΚΦΟΥΡΤΗ, 31.— Ὁ ἡγέτης τοῦ ἐθνικοδημοκρατικοῦ κόμματος ἐζήτησε τὴν ὑποστήριξιν τῶν ἐκλογέων.

ΦΡΑΓΚΦΟΥΡΤΗ, 31.— Ὁ ἡγέτης τοῦ ἐθνικοδημοκρατικοῦ κόμματος ἐζήτησε τὴν ὑποστήριξιν τῶν ἐκλογέων.

Ο ΟΥΓΙΛΣΟΝ ΔΙΑΨΕΥΔΕΙ ΤΑ ΠΕΡΙ ΥΠΟΤΙΜΗΣΕΩΣ ΤΗΣ ΣΤΕΡΛΙΝΑΣ

ΛΟΝΔΙΝΟΝ, 31. (Ὑπηρ. Τύπου).— Ὁ πρωθυπουργὸς κ. Οὐΐλσον διέψευσε κατηγορηματικῶς τὰς φήμας περὶ ὑποτιμήσεως τῆς στερλίνας.

ΛΟΝΔΙΝΟΝ, 31. (Ὑπηρ. Τύπου).— Ὁ πρωθυπουργὸς κ. Οὐΐλσον διέψευσε κατηγορηματικῶς τὰς φήμας περὶ ὑποτιμήσεως τῆς στερλίνας.

Θὰ δραδύνη κατὰ τὸν Τζόνσον ἡ ἐξεύρεσις παραδεκτῆς λύσεως διὰ τὴν κρίσιν τῆς Μ. Ἀνατολῆς
ΠΑΡΑ ΤΗΝ ΑΝΑΛΗΦΘΕΙΣΑΝ ΥΠΟ ΤΟΥ ΤΙΤΟ ΠΡΩΤΟΒΟΥΛΙΑΝ

ΟΥΑΣΙΓΚΤΩΝ, 31. (Ρώυτερ).— Ὁ πρόεδρος κ. Τζόνσον ἐδήλωσεν εἰς συνέντευξιν τύπου ὅτι ἡ ἐξεύρεσις λύσεως διὰ τὴν κρίσιν τῆς Μέσης Ἀνατολῆς θὰ ἀπαιτήσῃ μακρὸν χρόνον, παρὰ τὰς προσπαθείας τοῦ προέδρου Τίτο. Ἐτόνισεν ὅτι αἱ Ἡνωμέναι Πολιτεῖαι θὰ συνεχίσουν νὰ ὑποστηρίζουν κάθε προσπάθειαν εἰρηνικῆς διευθετήσεως.

ΟΥΑΣΙΓΚΤΩΝ, 31. (Ρώυτερ).— Ὁ πρόεδρος κ. Τζόνσον ἐδήλωσεν εἰς συνέντευξιν τύπου ὅτι ἡ ἐξεύρεσις λύσεως διὰ τὴν κρίσιν τῆς Μέσης Ἀνατολῆς θὰ ἀπαιτήσῃ μακρὸν χρόνον, παρὰ τὰς προσπαθείας τοῦ προέδρου Τίτο. Ἐτόνισεν ὅτι αἱ Ἡνωμέναι Πολιτεῖαι θὰ συνεχίσουν νὰ ὑποστηρίζουν κάθε προσπάθειαν εἰρηνικῆς διευθετήσεως.

ΟΥΑΣΙΓΚΤΩΝ, 31. (Ρώυτερ).— Ὁ πρόεδρος κ. Τζόνσον ἐδήλωσεν εἰς συνέντευξιν τύπου ὅτι ἡ ἐξεύρεσις λύσεως διὰ τὴν κρίσιν τῆς Μέσης Ἀνατολῆς θὰ ἀπαιτήσῃ μακρὸν χρόνον, παρὰ τὰς προσπαθείας τοῦ προέδρου Τίτο. Ἐτόνισεν ὅτι αἱ Ἡνωμέναι Πολιτεῖαι θὰ συνεχίσουν νὰ ὑποστηρίζουν κάθε προσπάθειαν εἰρηνικῆς διευθετήσεως.

ΙΚΑΝΟΠΟΙΗΜΕΝΟΣ Ο κ. ΝΙΚΕΖΙΤΣ

ΗΝΩΜΕΝΑ ΕΘΝΗ, 31. (Ἀσσ. Πρές).— Ὁ Γιουγκοσλάβος ὑπουργὸς Ἐξωτερικῶν κ. Νικέζιτς ἐδήλωσεν ὅτι εἶναι ἱκανοποιημένος ἐκ τῶν ἐπαφῶν του μετὰ τῶν ἐκπροσώπων τῶν Ἡνωμένων Ἐθνῶν.

ΗΝΩΜΕΝΑ ΕΘΝΗ, 31. (Ἀσσ. Πρές).— Ὁ Γιουγκοσλάβος ὑπουργὸς Ἐξωτερικῶν κ. Νικέζιτς ἐδήλωσεν ὅτι εἶναι ἱκανοποιημένος ἐκ τῶν ἐπαφῶν του μετὰ τῶν ἐκπροσώπων τῶν Ἡνωμένων Ἐθνῶν.

ΟΥΑΣΙΓΚΤΩΝ, 31. (Ρώυτερ).— Ὁ πρόεδρος κ. Τζόνσον ἐδήλωσεν εἰς συνέντευξιν τύπου ὅτι ἡ ἐξεύρεσις λύσεως διὰ τὴν κρίσιν τῆς Μέσης Ἀνατολῆς θὰ ἀπαιτήσῃ μακρὸν χρόνον, παρὰ τὰς προσπαθείας τοῦ προέδρου Τίτο. Ἐτόνισεν ὅτι αἱ Ἡνωμέναι Πολιτεῖαι θὰ συνεχίσουν νὰ ὑποστηρίζουν κάθε προσπάθειαν εἰρηνικῆς διευθετήσεως.

ΑΠΟ ΤΗΝ ΣΤΑΣΙΝ ΑΡΑΒΩΝ ΚΑΙ ΙΣΡΑΗΛ ΘΑ ΕΞΑΡΤΗΘΗ Η ΟΙΑΔΗΠΟΤΕ ΠΡΟΣΠΑΘΕΙΑ
ΣΥΝΕΧΕΙΑ

εἰς τὸ Ἰσραήλ ἢ νὰ ἔχῃ ἀρνηθῇ τὴν ὕπαρξιν του. Ὁ Γιουγκοσλάβος πρόεδρος ἐπεσκέφθη Κάιρον καὶ Δαμασκὸν προτείνων σχέδιον διευθετήσεως. Αἱ ἀραβικαὶ κυβερνήσεις δὲν ἔχουν εἰσέτι ἀπαντήσει.

εἰς τὸ Ἰσραήλ ἢ νὰ ἔχῃ ἀρνηθῇ τὴν ὕπαρξιν του. Ὁ Γιουγκοσλάβος πρόεδρος ἐπεσκέφθη Κάιρον καὶ Δαμασκὸν προτείνων σχέδιον διευθετήσεως. Αἱ ἀραβικαὶ κυβερνήσεις δὲν ἔχουν εἰσέτι ἀπαντήσει.

εἰς τὸ Ἰσραήλ ἢ νὰ ἔχῃ ἀρνηθῇ τὴν ὕπαρξιν του. Ὁ Γιουγκοσλάβος πρόεδρος ἐπεσκέφθη Κάιρον καὶ Δαμασκὸν προτείνων σχέδιον διευθετήσεως. Αἱ ἀραβικαὶ κυβερνήσεις δὲν ἔχουν εἰσέτι ἀπαντήσει.

εἰς τὸ Ἰσραήλ ἢ νὰ ἔχῃ ἀρνηθῇ τὴν ὕπαρξιν του. Ὁ Γιουγκοσλάβος πρόεδρος ἐπεσκέφθη Κάιρον καὶ Δαμασκὸν προτείνων σχέδιον διευθετήσεως. Αἱ ἀραβικαὶ κυβερνήσεις δὲν ἔχουν εἰσέτι ἀπαντήσει.

Ο ΔΑΝΟΣ ΠΡΩΘΥΠΟΥΡΓΟΣ ΜΕΤΕΒΗ ΕΙΣ ΣΟΦΙΑΝ ΔΙΑ ΤΗΝ ΣΥΣΦΙΓΞΙΝ ΤΩΝ ΣΧΕΣΕΩΝ ΤΗΣ ΧΩΡΑΣ ΤΟΥ ΜΕΤΑ ΤΗΣ ΒΟΥΛΓΑΡΙΑΣ

ΣΟΦΙΑ, 31. (Ρώυτερ).— Ὁ Δανὸς πρωθυπουργὸς κ. Κραγκ ἀφίχθη εἰς Σόφιαν διὰ ἐπίσημον ἐπίσκεψιν. Θὰ συνομιλήσῃ μετὰ τοῦ Βούλγαρου πρωθυπουργοῦ κ. Ζίβκωφ.

ΣΟΦΙΑ, 31. (Ρώυτερ).— Ὁ Δανὸς πρωθυπουργὸς κ. Κραγκ ἀφίχθη εἰς Σόφιαν διὰ ἐπίσημον ἐπίσκεψιν. Θὰ συνομιλήσῃ μετὰ τοῦ Βούλγαρου πρωθυπουργοῦ κ. Ζίβκωφ.

ΣΟΦΙΑ, 31. (Ρώυτερ).— Ὁ Δανὸς πρωθυπουργὸς κ. Κραγκ ἀφίχθη εἰς Σόφιαν διὰ ἐπίσημον ἐπίσκεψιν. Θὰ συνομιλήσῃ μετὰ τοῦ Βούλγαρου πρωθυπουργοῦ κ. Ζίβκωφ.

Η ΔΙΕΘΝΗΣ ΤΡΑΠΕΖΑ ΧΟΡΗΓΕΙ ΕΙΣ ΚΥΠΡΟΝ ΔΑΝΕΙΟΝ ΥΨΟΥΣ 2.800.000 ΔΟΛΛΑΡΙΩΝ ΔΙΑ ΤΗΝ ΕΠΕΚΤΑΣΙΝ ΗΛΕΚΤΡΙΚΟΥ ΔΙΚΤΥΟΥ

ΛΕΥΚΩΣΙΑ, 31. (Ἀθην. Πρακτ.).— Ἡ Διεθνὴς Τράπεζα Ἀνασυγκροτήσεως καὶ Ἀναπτύξεως ἐχορήγησεν εἰς τὴν Ἀρχὴν Ἠλεκτρισμοῦ Κύπρου δάνειον 2.800.000 δολλαρίων διὰ τὴν ἐπέκτασιν τοῦ ἠλεκτρικοῦ δικτύου τῆς νήσου.

ΛΕΥΚΩΣΙΑ, 31. (Ἀθην. Πρακτ.).— Ἡ Διεθνὴς Τράπεζα Ἀνασυγκροτήσεως καὶ Ἀναπτύξεως ἐχορήγησεν εἰς τὴν Ἀρχὴν Ἠλεκτρισμοῦ Κύπρου δάνειον 2.800.000 δολλαρίων διὰ τὴν ἐπέκτασιν τοῦ ἠλεκτρικοῦ δικτύου τῆς νήσου.

ΛΕΥΚΩΣΙΑ, 31. (Ἀθην. Πρακτ.).— Ἡ Διεθνὴς Τράπεζα Ἀνασυγκροτήσεως καὶ Ἀναπτύξεως ἐχορήγησεν εἰς τὴν Ἀρχὴν Ἠλεκτρισμοῦ Κύπρου δάνειον 2.800.000 δολλαρίων διὰ τὴν ἐπέκτασιν τοῦ ἠλεκτρικοῦ δικτύου τῆς νήσου.

ΣΧΟΛΙΑΣΤΗΣ ΤΟΥ ΡΑΔΙΟΣΤΑΘΜΟΥ ΕΛΣΙΝΚΙ ΕΞΑΙΡΕΙ ΤΑ ΜΕΤΡΑ ΤΗΣ ΚΥΒΕΡΝΗΣΕΩΣ ΕΙΣ ΟΛΟΥΣ ΤΟΥΣ ΤΟΜΕΙΣ ΤΗΣ ΕΘΝΙΚΗΣ ΖΩΗΣ

ΕΛΣΙΝΚΙ, 31. (Ἀθην. Πρακτ.).— Σχολιαστὴς τοῦ ραδιοφωνικοῦ σταθμοῦ τοῦ Ἑλσίνκι ἐξῆρε τὰ μέτρα τῆς Ἑλληνικῆς Κυβερνήσεως εἰς ὅλους τοὺς τομεῖς τῆς ἐθνικῆς ζωῆς καὶ ἰδίως εἰς τὸν τομέα τῆς οἰκονομίας.

ΕΛΣΙΝΚΙ, 31. (Ἀθην. Πρακτ.).— Σχολιαστὴς τοῦ ραδιοφωνικοῦ σταθμοῦ τοῦ Ἑλσίνκι ἐξῆρε τὰ μέτρα τῆς Ἑλληνικῆς Κυβερνήσεως εἰς ὅλους τοὺς τομεῖς τῆς ἐθνικῆς ζωῆς καὶ ἰδίως εἰς τὸν τομέα τῆς οἰκονομίας.

ΕΛΣΙΝΚΙ, 31. (Ἀθην. Πρακτ.).— Σχολιαστὴς τοῦ ραδιοφωνικοῦ σταθμοῦ τοῦ Ἑλσίνκι ἐξῆρε τὰ μέτρα τῆς Ἑλληνικῆς Κυβερνήσεως εἰς ὅλους τοὺς τομεῖς τῆς ἐθνικῆς ζωῆς καὶ ἰδίως εἰς τὸν τομέα τῆς οἰκονομίας.

ΕΛΒΕΤΙΚΑ ΣΧΟΛΙΑ

ΡΩΜΗ, 31. (Ἀθην. Πρακτ.).— Ἀνταπόκρισις ἐκ Ζυρίχης ἀναφέρει ὅτι ἡ Ἑλλὰς σημειώνει σημαντικὴν πρόοδον εἰς τὸν τουριστικὸν τομέα.

ΡΩΜΗ, 31. (Ἀθην. Πρακτ.).— Ἀνταπόκρισις ἐκ Ζυρίχης ἀναφέρει ὅτι ἡ Ἑλλὰς σημειώνει σημαντικὴν πρόοδον εἰς τὸν τουριστικὸν τομέα.

ΕΛΣΙΝΚΙ, 31. (Ἀθην. Πρακτ.).— Σχολιαστὴς τοῦ ραδιοφωνικοῦ σταθμοῦ τοῦ Ἑλσίνκι ἐξῆρε τὰ μέτρα τῆς Ἑλληνικῆς Κυβερνήσεως εἰς ὅλους τοὺς τομεῖς τῆς ἐθνικῆς ζωῆς καὶ ἰδίως εἰς τὸν τομέα τῆς οἰκονομίας.

ΡΩΜΗ, 31. (Ἀθην. Πρακτ.).— Ἀνταπόκρισις ἐκ Ζυρίχης ἀναφέρει ὅτι ἡ Ἑλλὰς σημειώνει σημαντικὴν πρόοδον εἰς τὸν τουριστικὸν τομέα.

ΑΠΕΡΡΙΦΘΗ Η ΑΙΤΗΣΙΣ ΠΕΡΙ ΤΗΣ ΕΙΣΑΓΩΓΗΣ ΕΙΣ ΨΥΧΙΑΤΡΙΚΗΝ ΚΛΙΝΙΚΗΝ ΤΟΥ ΔΟΛΟΦΟΝΟΥ ΤΟΥ ΝΑΖΙΣΤΟΥ ΡΟΓΚΟΥΕΛ

ΑΡΛΙΝΓΚΤΩΝ, Βιρτζίνια, 31. (Ἀσσοσ. Πρές).— Τὸ δικαστήριον ἀπέρριψε τὴν αἴτησιν τῆς ὑπερασπίσεως διὰ τὴν εἰσαγωγὴν τοῦ κατηγορουμένου εἰς ψυχιατρικὴν κλινικήν.

ΑΡΛΙΝΓΚΤΩΝ, Βιρτζίνια, 31. (Ἀσσοσ. Πρές).— Τὸ δικαστήριον ἀπέρριψε τὴν αἴτησιν τῆς ὑπερασπίσεως διὰ τὴν εἰσαγωγὴν τοῦ κατηγορουμένου εἰς ψυχιατρικὴν κλινικήν.

ΑΡΛΙΝΓΚΤΩΝ, Βιρτζίνια, 31. (Ἀσσοσ. Πρές).— Τὸ δικαστήριον ἀπέρριψε τὴν αἴτησιν τῆς ὑπερασπίσεως διὰ τὴν εἰσαγωγὴν τοῦ κατηγορουμένου εἰς ψυχιατρικὴν κλινικήν.

ΑΡΛΙΝΓΚΤΩΝ, Βιρτζίνια, 31. (Ἀσσοσ. Πρές).— Τὸ δικαστήριον ἀπέρριψε τὴν αἴτησιν τῆς ὑπερασπίσεως διὰ τὴν εἰσαγωγὴν τοῦ κατηγορουμένου εἰς ψυχιατρικὴν κλινικήν.
